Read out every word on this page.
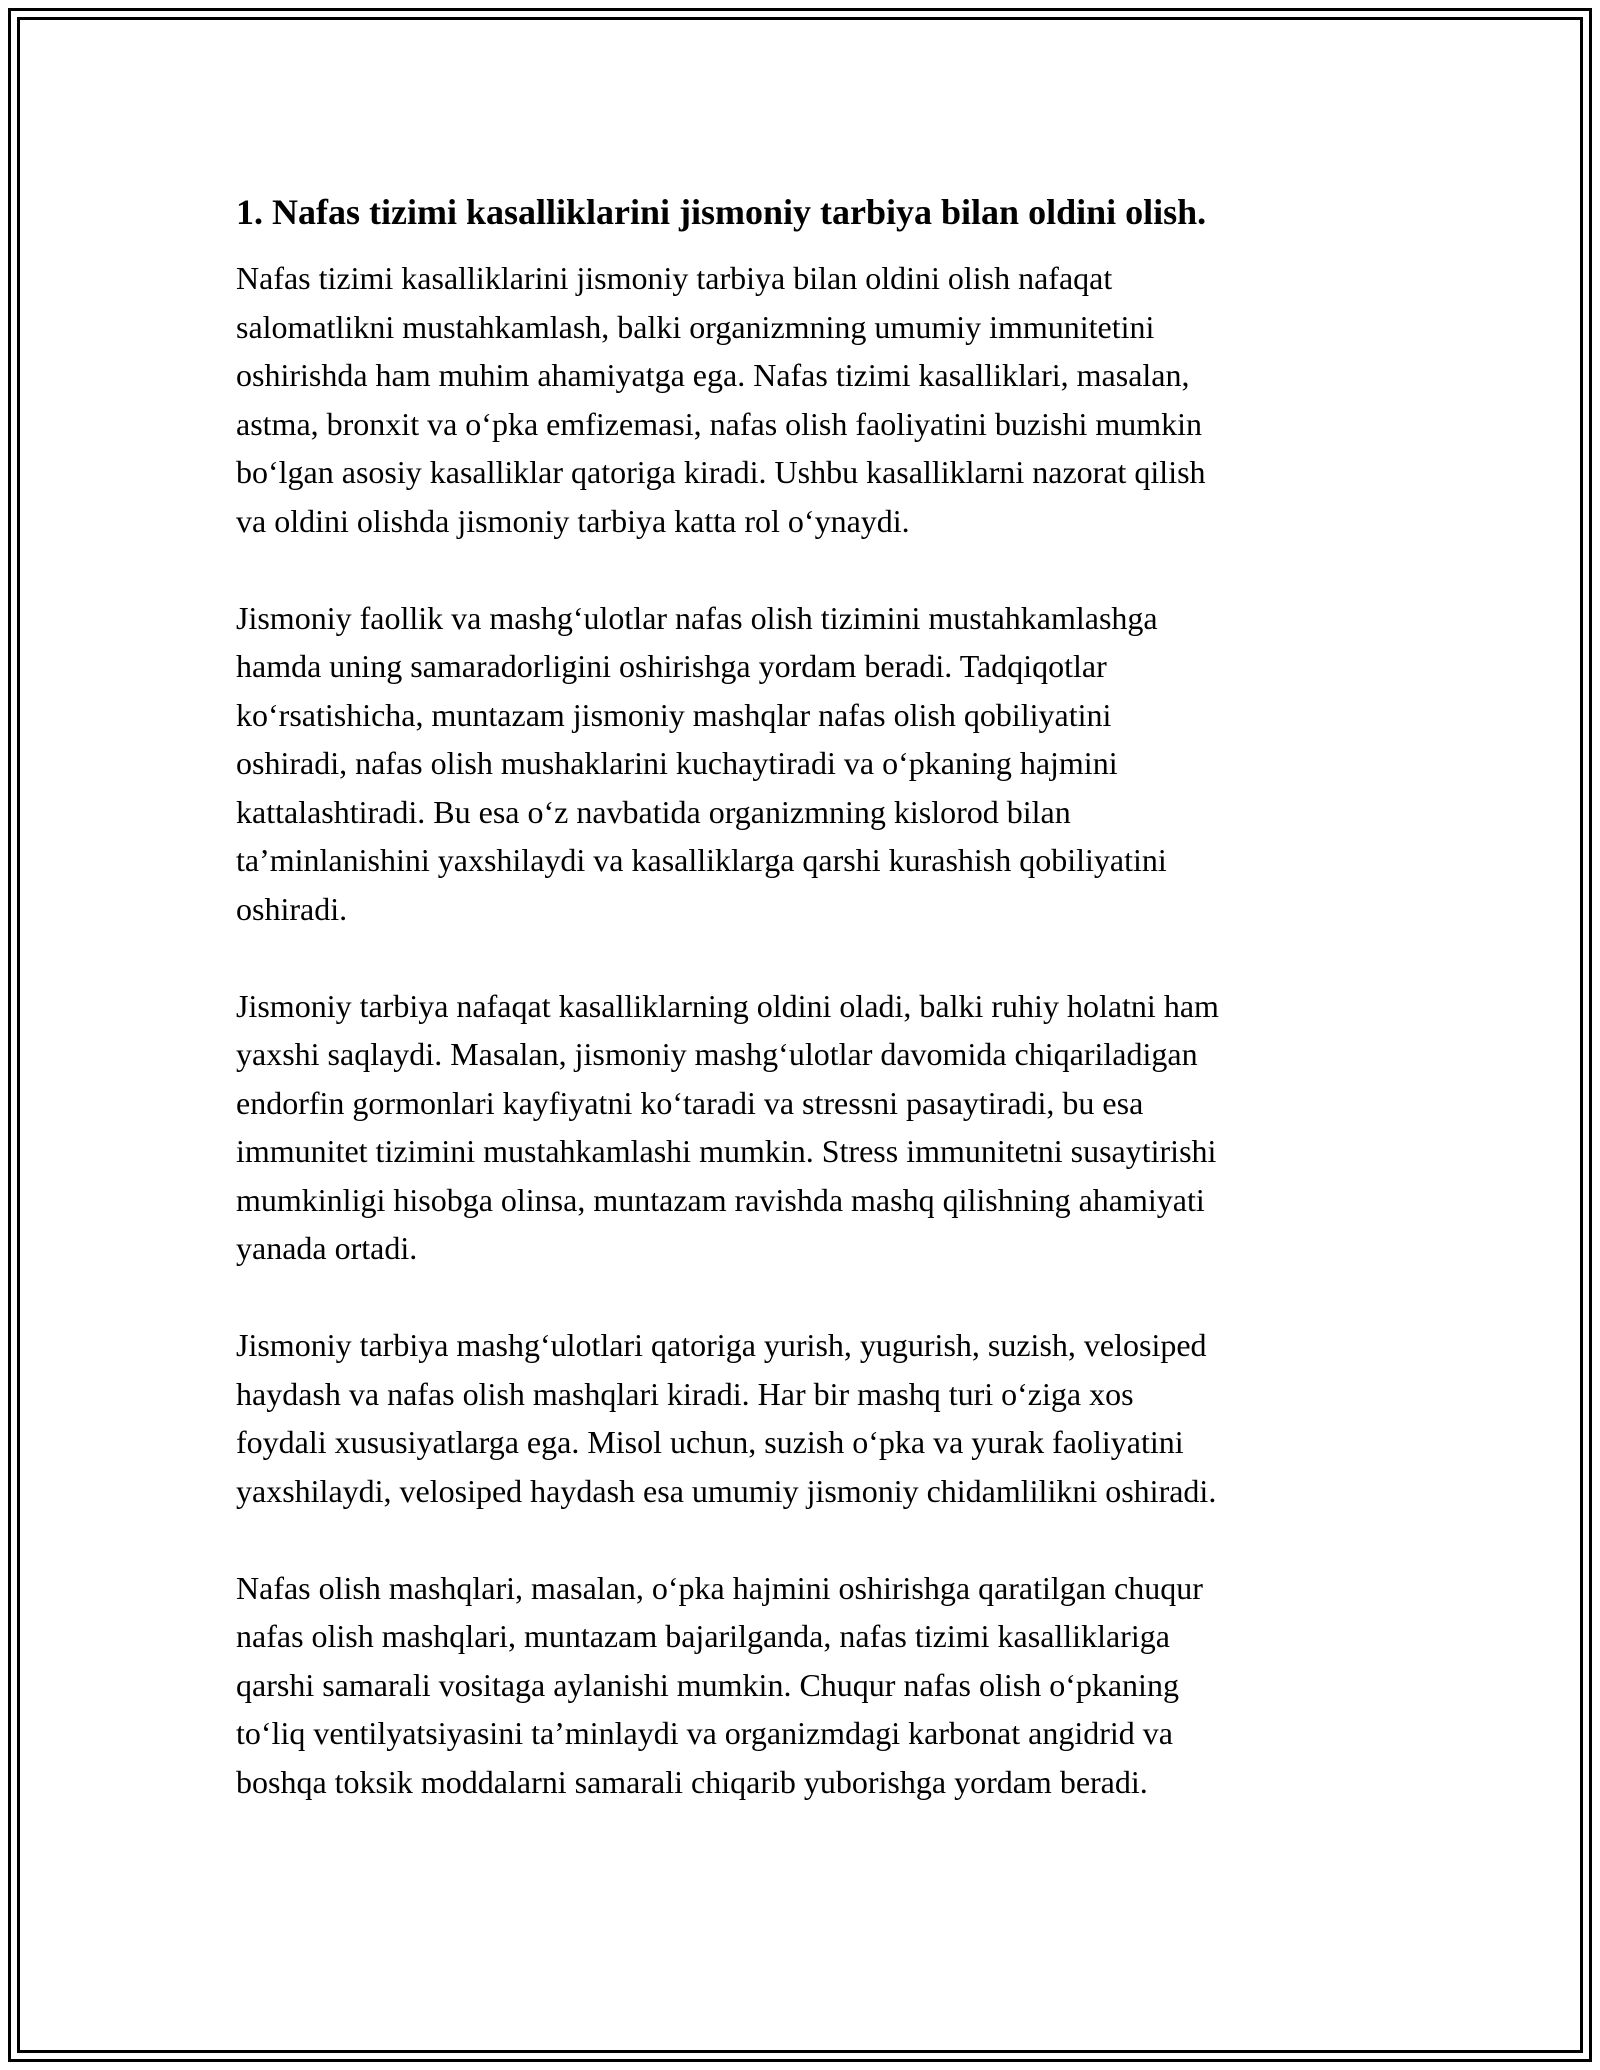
1. Nafas tizimi kasalliklarini jismoniy tarbiya bilan oldini olish.
Nafas tizimi kasalliklarini jismoniy tarbiya bilan oldini olish nafaqat
salomatlikni mustahkamlash, balki organizmning umumiy immunitetini
oshirishda ham muhim ahamiyatga ega. Nafas tizimi kasalliklari, masalan,
astma, bronxit va o‘pka emfizemasi, nafas olish faoliyatini buzishi mumkin
bo‘lgan asosiy kasalliklar qatoriga kiradi. Ushbu kasalliklarni nazorat qilish
va oldini olishda jismoniy tarbiya katta rol o‘ynaydi.
Jismoniy faollik va mashg‘ulotlar nafas olish tizimini mustahkamlashga
hamda uning samaradorligini oshirishga yordam beradi. Tadqiqotlar
ko‘rsatishicha, muntazam jismoniy mashqlar nafas olish qobiliyatini
oshiradi, nafas olish mushaklarini kuchaytiradi va o‘pkaning hajmini
kattalashtiradi. Bu esa o‘z navbatida organizmning kislorod bilan
ta’minlanishini yaxshilaydi va kasalliklarga qarshi kurashish qobiliyatini
oshiradi.
Jismoniy tarbiya nafaqat kasalliklarning oldini oladi, balki ruhiy holatni ham
yaxshi saqlaydi. Masalan, jismoniy mashg‘ulotlar davomida chiqariladigan
endorfin gormonlari kayfiyatni ko‘taradi va stressni pasaytiradi, bu esa
immunitet tizimini mustahkamlashi mumkin. Stress immunitetni susaytirishi
mumkinligi hisobga olinsa, muntazam ravishda mashq qilishning ahamiyati
yanada ortadi.
Jismoniy tarbiya mashg‘ulotlari qatoriga yurish, yugurish, suzish, velosiped
haydash va nafas olish mashqlari kiradi. Har bir mashq turi o‘ziga xos
foydali xususiyatlarga ega. Misol uchun, suzish o‘pka va yurak faoliyatini
yaxshilaydi, velosiped haydash esa umumiy jismoniy chidamlilikni oshiradi.
Nafas olish mashqlari, masalan, o‘pka hajmini oshirishga qaratilgan chuqur
nafas olish mashqlari, muntazam bajarilganda, nafas tizimi kasalliklariga
qarshi samarali vositaga aylanishi mumkin. Chuqur nafas olish o‘pkaning
to‘liq ventilyatsiyasini ta’minlaydi va organizmdagi karbonat angidrid va
boshqa toksik moddalarni samarali chiqarib yuborishga yordam beradi.
